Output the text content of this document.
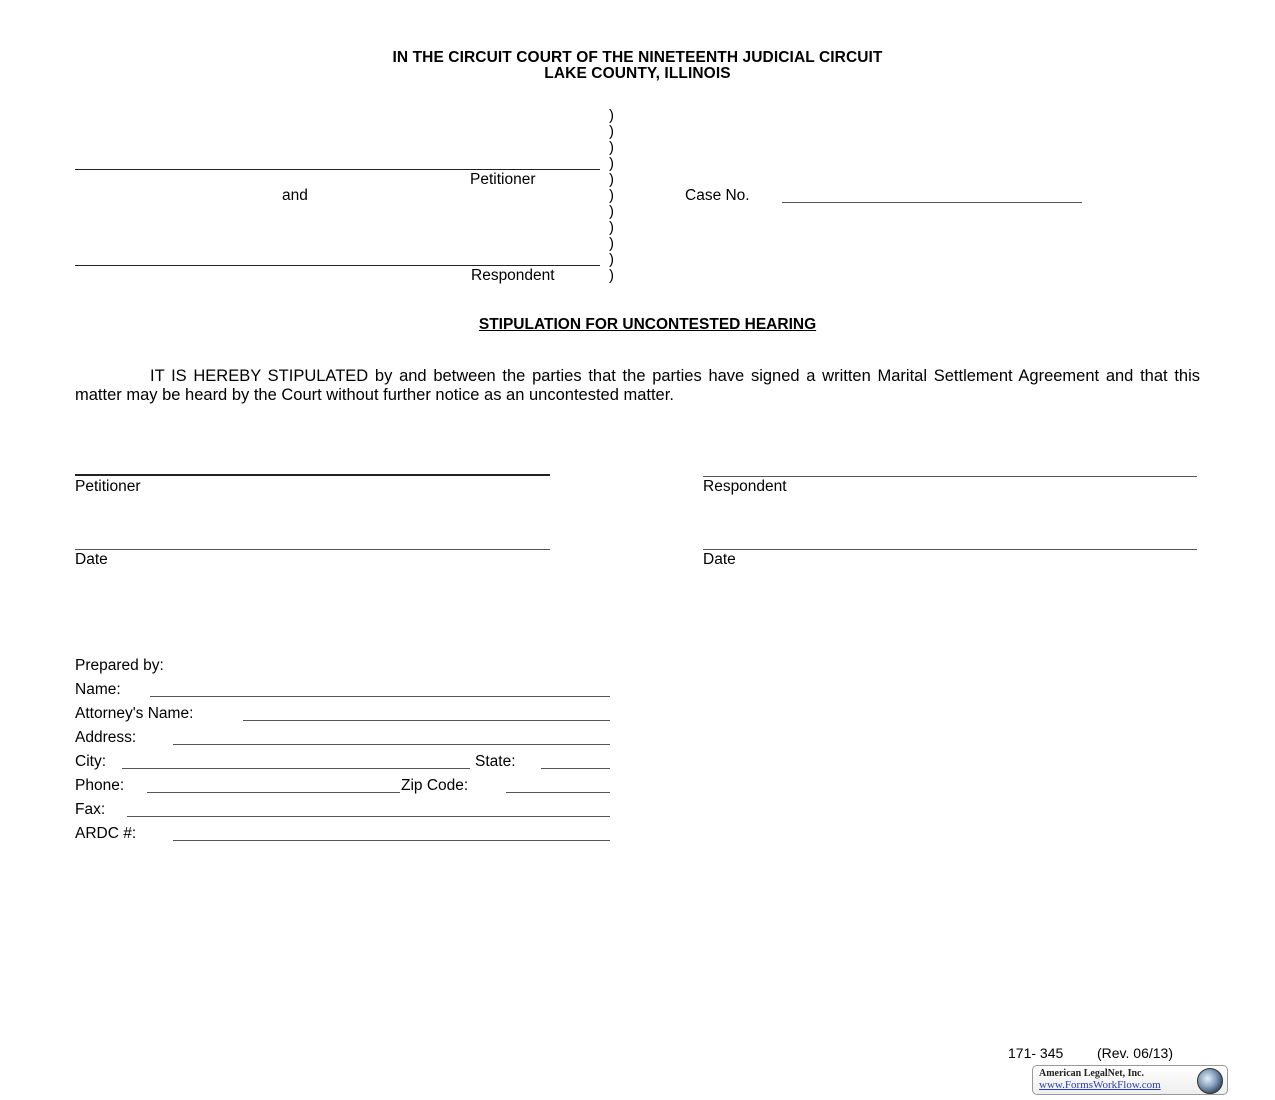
IN THE CIRCUIT COURT OF THE NINETEENTH JUDICIAL CIRCUIT
LAKE COUNTY, ILLINOIS
)
)
)
)
)
)
)
)
)
)
)
Petitioner
and
Respondent
Case No.
STIPULATION FOR UNCONTESTED HEARING
IT IS HEREBY STIPULATED by and between the parties that the parties have signed a written Marital Settlement Agreement and that this matter may be heard by the Court without further notice as an uncontested matter.
Petitioner	Respondent
Date	Date
Prepared by:
Name:
Attorney's Name:
Address:
City:	State:
Phone:	Zip Code:
Fax:
ARDC #:
171- 345 (Rev. 06/13)
American LegalNet, Inc.
www.FormsWorkFlow.com
